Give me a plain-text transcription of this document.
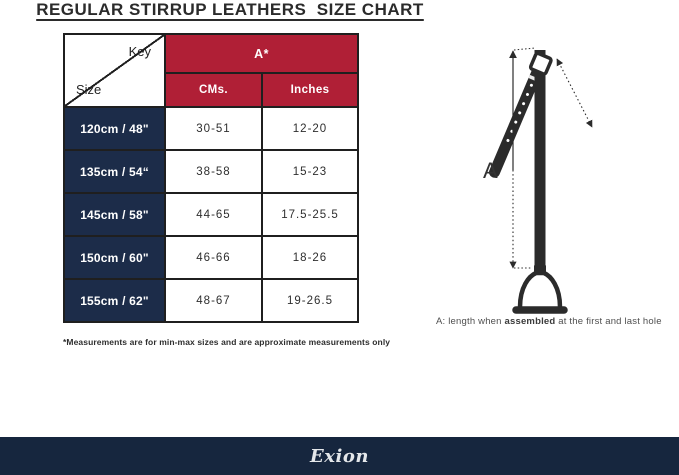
REGULAR STIRRUP LEATHERS  SIZE CHART
Key
Size
A*
CMs.	Inches
120cm / 48"	30-51	12-20
135cm / 54“	38-58	15-23
145cm / 58"	44-65	17.5-25.5
150cm / 60"	46-66	18-26
155cm / 62"	48-67	19-26.5
*Measurements are for min-max sizes and are approximate measurements only
A
A: length when assembled at the first and last hole
Exion
